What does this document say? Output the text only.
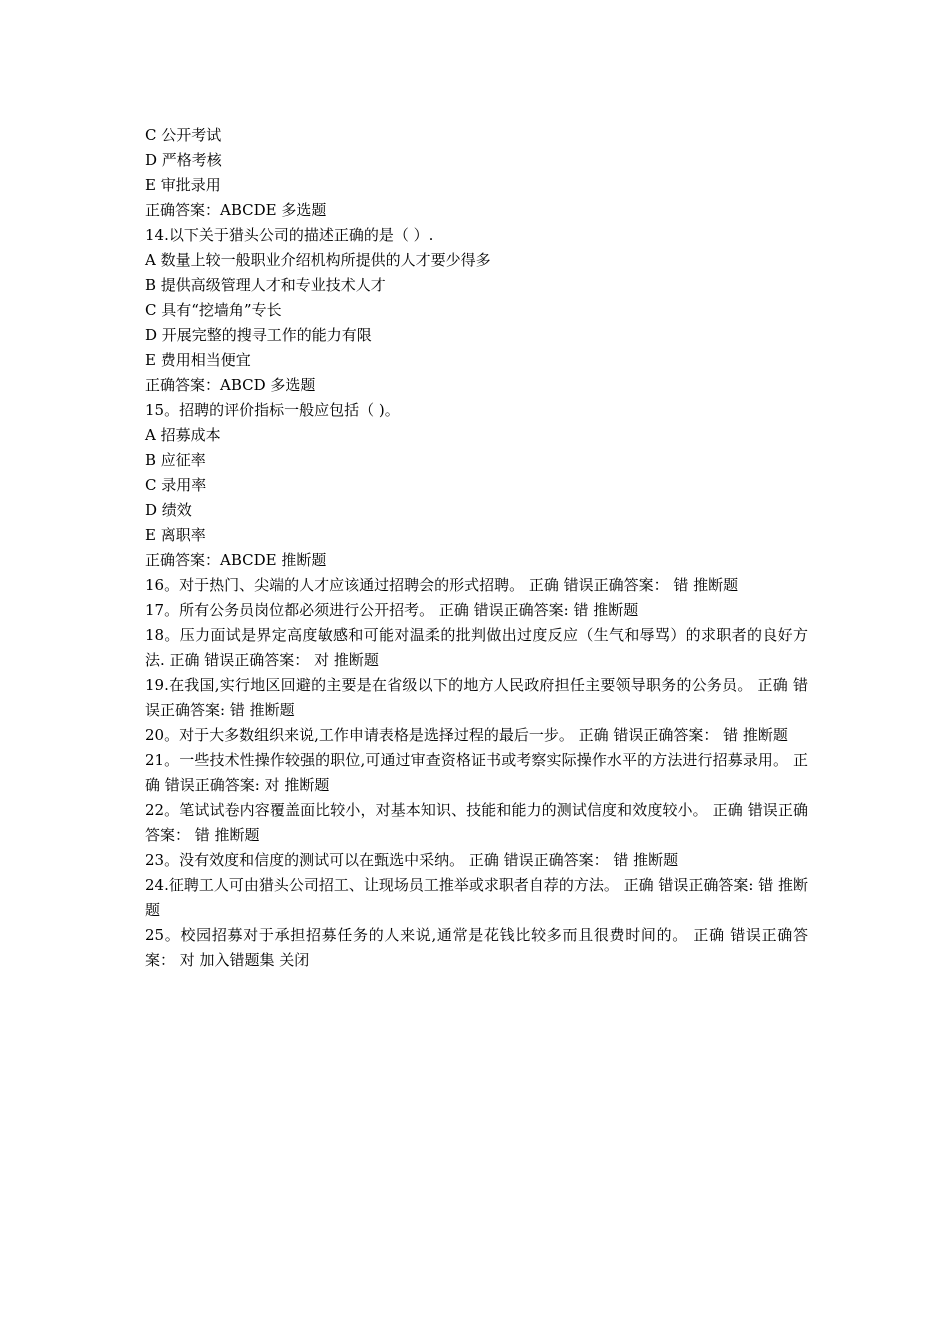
C 公开考试

D 严格考核

E 审批录用

正确答案：ABCDE 多选题

14.以下关于猎头公司的描述正确的是（ ）.

A 数量上较一般职业介绍机构所提供的人才要少得多

B 提供高级管理人才和专业技术人才

C 具有“挖墙角”专长

D 开展完整的搜寻工作的能力有限

E 费用相当便宜

正确答案：ABCD 多选题

15。招聘的评价指标一般应包括（ )。

A 招募成本

B 应征率

C 录用率

D 绩效

E 离职率

正确答案：ABCDE 推断题

16。对于热门、尖端的人才应该通过招聘会的形式招聘。 正确 错误正确答案： 错 推断题

17。所有公务员岗位都必须进行公开招考。 正确 错误正确答案: 错 推断题

18。压力面试是界定高度敏感和可能对温柔的批判做出过度反应（生气和辱骂）的求职者的良好方法. 正确 错误正确答案： 对 推断题

19.在我国,实行地区回避的主要是在省级以下的地方人民政府担任主要领导职务的公务员。 正确 错误正确答案: 错 推断题

20。对于大多数组织来说,工作申请表格是选择过程的最后一步。 正确 错误正确答案： 错 推断题

21。一些技术性操作较强的职位,可通过审查资格证书或考察实际操作水平的方法进行招募录用。 正确 错误正确答案: 对 推断题

22。笔试试卷内容覆盖面比较小，对基本知识、技能和能力的测试信度和效度较小。 正确 错误正确答案： 错 推断题

23。没有效度和信度的测试可以在甄选中采纳。 正确 错误正确答案： 错 推断题

24.征聘工人可由猎头公司招工、让现场员工推举或求职者自荐的方法。 正确 错误正确答案: 错 推断题

25。校园招募对于承担招募任务的人来说,通常是花钱比较多而且很费时间的。 正确 错误正确答案： 对 加入错题集 关闭
